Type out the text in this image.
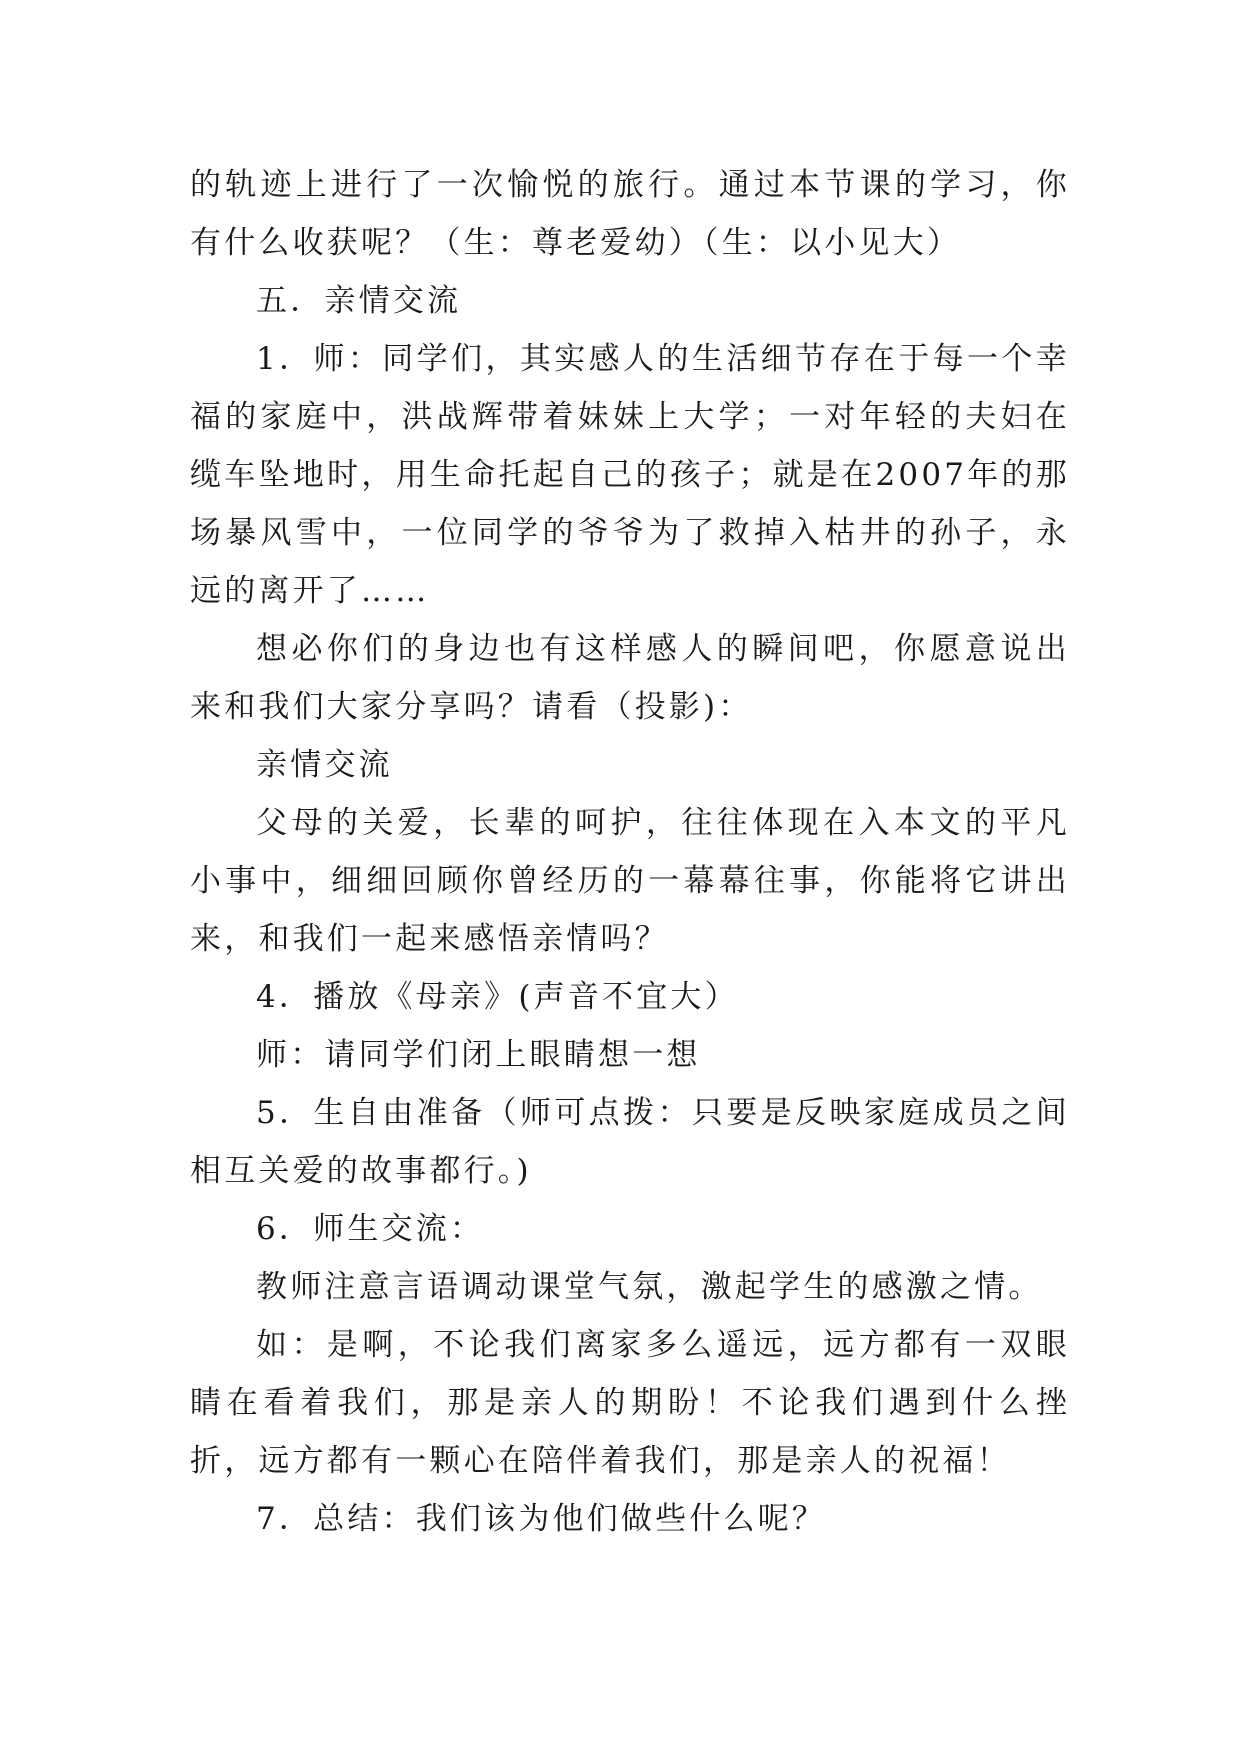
的轨迹上进行了一次愉悦的旅行。通过本节课的学习，你有什么收获呢？（生：尊老爱幼）（生：以小见大）

五．亲情交流

1．师：同学们，其实感人的生活细节存在于每一个幸福的家庭中，洪战辉带着妹妹上大学；一对年轻的夫妇在缆车坠地时，用生命托起自己的孩子；就是在2007年的那场暴风雪中，一位同学的爷爷为了救掉入枯井的孙子，永远的离开了……

想必你们的身边也有这样感人的瞬间吧，你愿意说出来和我们大家分享吗？请看（投影)：

亲情交流

父母的关爱，长辈的呵护，往往体现在入本文的平凡小事中，细细回顾你曾经历的一幕幕往事，你能将它讲出来，和我们一起来感悟亲情吗？

4．播放《母亲》(声音不宜大）

师：请同学们闭上眼睛想一想

5．生自由准备（师可点拨：只要是反映家庭成员之间相互关爱的故事都行。)

6．师生交流：

教师注意言语调动课堂气氛，激起学生的感激之情。

如：是啊，不论我们离家多么遥远，远方都有一双眼睛在看着我们，那是亲人的期盼！不论我们遇到什么挫折，远方都有一颗心在陪伴着我们，那是亲人的祝福！

7．总结：我们该为他们做些什么呢？
